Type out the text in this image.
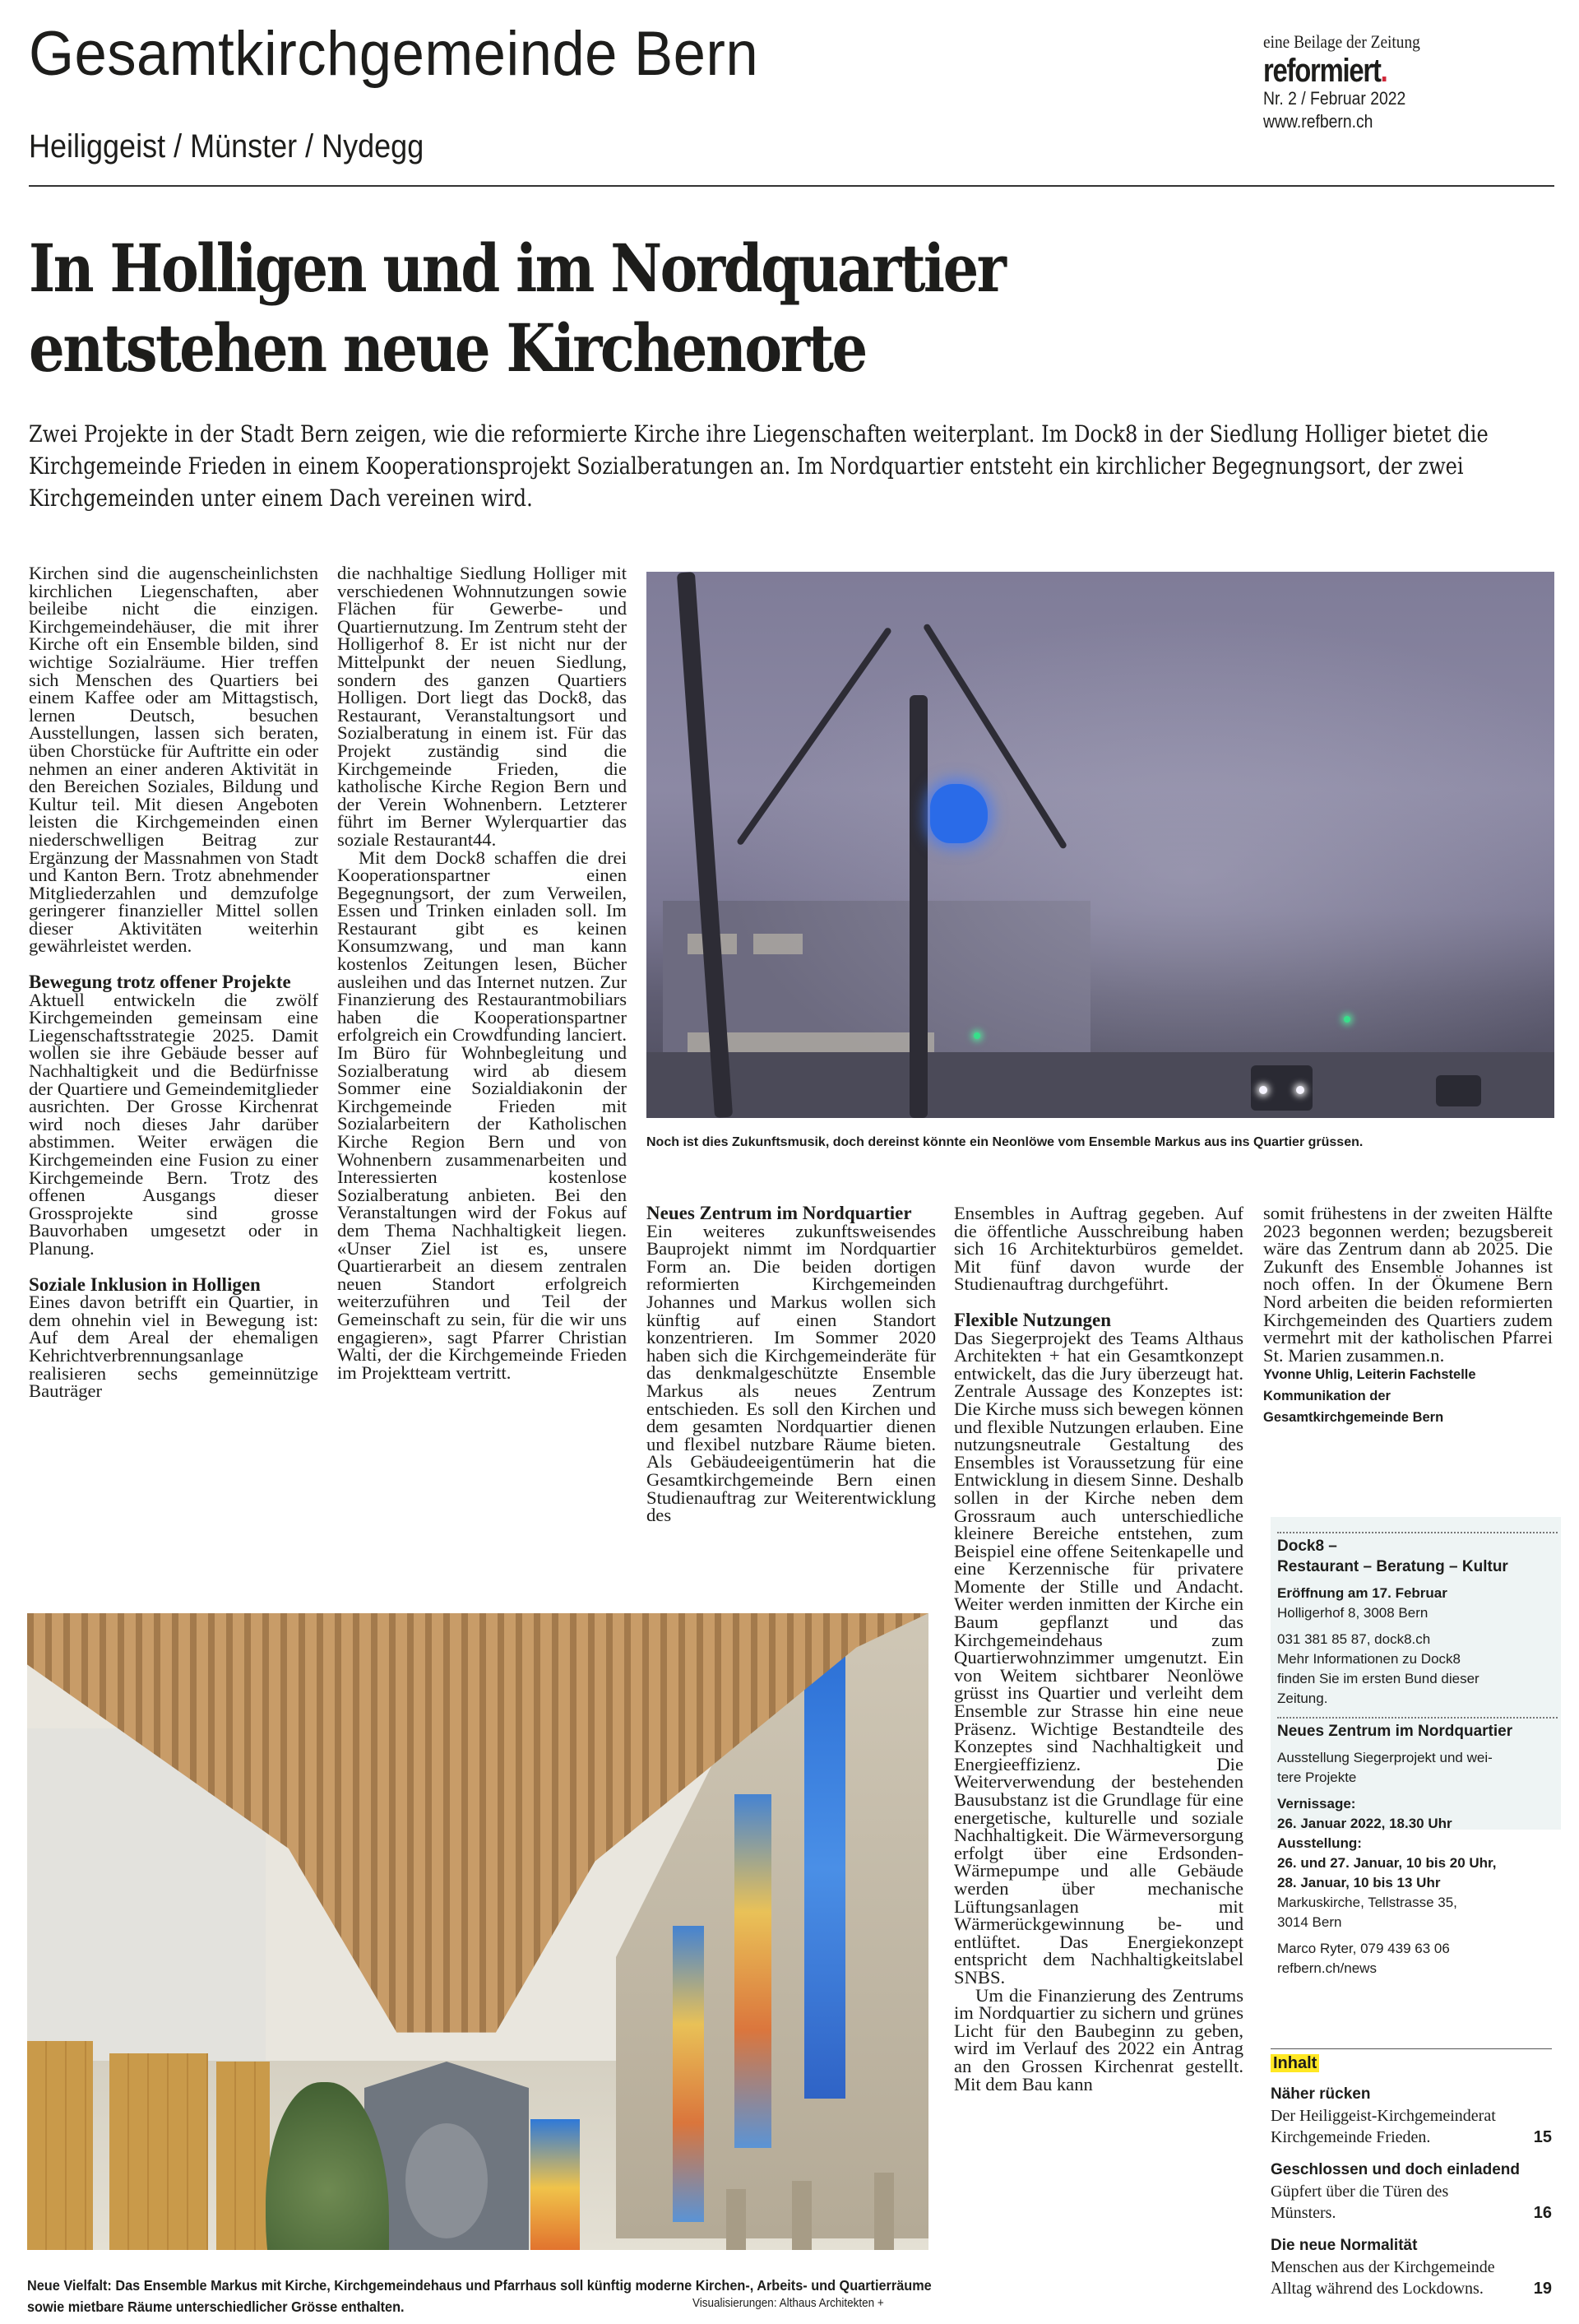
Gesamtkirchgemeinde Bern
Heiliggeist / Münster / Nydegg
eine Beilage der Zeitung
reformiert.
Nr. 2 / Februar 2022
www.refbern.ch
In Holligen und im Nordquartier
entstehen neue Kirchenorte

Zwei Projekte in der Stadt Bern zeigen, wie die reformierte Kirche ihre Liegenschaften weiterplant. Im Dock8 in der Siedlung Holliger bietet die Kirchgemeinde Frieden in einem Kooperationsprojekt Sozialberatungen an. Im Nordquartier entsteht ein kirchlicher Begegnungsort, der zwei Kirchgemeinden unter einem Dach vereinen wird.

Kirchen sind die augenscheinlichsten kirchlichen Liegenschaften, aber beileibe nicht die einzigen. Kirchgemeindehäuser, die mit ihrer Kirche oft ein Ensemble bilden, sind wichtige Sozialräume. Hier treffen sich Menschen des Quartiers bei einem Kaffee oder am Mittagstisch, lernen Deutsch, besuchen Ausstellungen, lassen sich beraten, üben Chorstücke für Auftritte ein oder nehmen an einer anderen Aktivität in den Bereichen Soziales, Bildung und Kultur teil. Mit diesen Angeboten leisten die Kirchgemeinden einen niederschwelligen Beitrag zur Ergänzung der Massnahmen von Stadt und Kanton Bern. Trotz abnehmender Mitgliederzahlen und demzufolge geringerer finanzieller Mittel sollen dieser Aktivitäten weiterhin gewährleistet werden.

Bewegung trotz offener Projekte

Aktuell entwickeln die zwölf Kirchgemeinden gemeinsam eine Liegenschaftsstrategie 2025. Damit wollen sie ihre Gebäude besser auf Nachhaltigkeit und die Bedürfnisse der Quartiere und Gemeindemitglieder ausrichten. Der Grosse Kirchenrat wird noch dieses Jahr darüber abstimmen. Weiter erwägen die Kirchgemeinden eine Fusion zu einer Kirchgemeinde Bern. Trotz des offenen Ausgangs dieser Grossprojekte sind grosse Bauvorhaben umgesetzt oder in Planung.

Soziale Inklusion in Holligen

Eines davon betrifft ein Quartier, in dem ohnehin viel in Bewegung ist: Auf dem Areal der ehemaligen Kehrichtverbrennungsanlage realisieren sechs gemeinnützige Bauträger

die nachhaltige Siedlung Holliger mit verschiedenen Wohnnutzungen sowie Flächen für Gewerbe- und Quartiernutzung. Im Zentrum steht der Holligerhof 8. Er ist nicht nur der Mittelpunkt der neuen Siedlung, sondern des ganzen Quartiers Holligen. Dort liegt das Dock8, das Restaurant, Veranstaltungsort und Sozialberatung in einem ist. Für das Projekt zuständig sind die Kirchgemeinde Frieden, die katholische Kirche Region Bern und der Verein Wohnenbern. Letzterer führt im Berner Wylerquartier das soziale Restaurant44.

Mit dem Dock8 schaffen die drei Kooperationspartner einen Begegnungsort, der zum Verweilen, Essen und Trinken einladen soll. Im Restaurant gibt es keinen Konsumzwang, und man kann kostenlos Zeitungen lesen, Bücher ausleihen und das Internet nutzen. Zur Finanzierung des Restaurantmobiliars haben die Kooperationspartner erfolgreich ein Crowdfunding lanciert. Im Büro für Wohnbegleitung und Sozialberatung wird ab diesem Sommer eine Sozialdiakonin der Kirchgemeinde Frieden mit Sozialarbeitern der Katholischen Kirche Region Bern und von Wohnenbern zusammenarbeiten und Interessierten kostenlose Sozialberatung anbieten. Bei den Veranstaltungen wird der Fokus auf dem Thema Nachhaltigkeit liegen. «Unser Ziel ist es, unsere Quartierarbeit an diesem zentralen neuen Standort erfolgreich weiterzuführen und Teil der Gemeinschaft zu sein, für die wir uns engagieren», sagt Pfarrer Christian Walti, der die Kirchgemeinde Frieden im Projektteam vertritt.

Noch ist dies Zukunftsmusik, doch dereinst könnte ein Neonlöwe vom Ensemble Markus aus ins Quartier grüssen.
Neues Zentrum im Nordquartier

Ein weiteres zukunftsweisendes Bauprojekt nimmt im Nordquartier Form an. Die beiden dortigen reformierten Kirchgemeinden Johannes und Markus wollen sich künftig auf einen Standort konzentrieren. Im Sommer 2020 haben sich die Kirchgemeinderäte für das denkmalgeschützte Ensemble Markus als neues Zentrum entschieden. Es soll den Kirchen und dem gesamten Nordquartier dienen und flexibel nutzbare Räume bieten. Als Gebäudeeigentümerin hat die Gesamtkirchgemeinde Bern einen Studienauftrag zur Weiterentwicklung des

Ensembles in Auftrag gegeben. Auf die öffentliche Ausschreibung haben sich 16 Architekturbüros gemeldet. Mit fünf davon wurde der Studienauftrag durchgeführt.

Flexible Nutzungen

Das Siegerprojekt des Teams Althaus Architekten + hat ein Gesamtkonzept entwickelt, das die Jury überzeugt hat. Zentrale Aussage des Konzeptes ist: Die Kirche muss sich bewegen können und flexible Nutzungen erlauben. Eine nutzungsneutrale Gestaltung des Ensembles ist Voraussetzung für eine Entwicklung in diesem Sinne. Deshalb sollen in der Kirche neben dem Grossraum auch unterschiedliche kleinere Bereiche entstehen, zum Beispiel eine offene Seitenkapelle und eine Kerzennische für privatere Momente der Stille und Andacht. Weiter werden inmitten der Kirche ein Baum gepflanzt und das Kirchgemeindehaus zum Quartierwohnzimmer umgenutzt. Ein von Weitem sichtbarer Neonlöwe grüsst ins Quartier und verleiht dem Ensemble zur Strasse hin eine neue Präsenz. Wichtige Bestandteile des Konzeptes sind Nachhaltigkeit und Energieeffizienz. Die Weiterverwendung der bestehenden Bausubstanz ist die Grundlage für eine energetische, kulturelle und soziale Nachhaltigkeit. Die Wärmeversorgung erfolgt über eine Erdsonden-Wärmepumpe und alle Gebäude werden über mechanische Lüftungsanlagen mit Wärmerückgewinnung be- und entlüftet. Das Energiekonzept entspricht dem Nachhaltigkeitslabel SNBS.

Um die Finanzierung des Zentrums im Nordquartier zu sichern und grünes Licht für den Baubeginn zu geben, wird im Verlauf des 2022 ein Antrag an den Grossen Kirchenrat gestellt. Mit dem Bau kann

somit frühestens in der zweiten Hälfte 2023 begonnen werden; bezugsbereit wäre das Zentrum dann ab 2025. Die Zukunft des Ensemble Johannes ist noch offen. In der Ökumene Bern Nord arbeiten die beiden reformierten Kirchgemeinden des Quartiers zudem vermehrt mit der katholischen Pfarrei St. Marien zusammen.n.

Yvonne Uhlig, Leiterin Fachstelle
Kommunikation der
Gesamtkirchgemeinde Bern
Dock8 –
Restaurant – Beratung – Kultur
Eröffnung am 17. Februar
Holligerhof 8, 3008 Bern
031 381 85 87, dock8.ch
Mehr Informationen zu Dock8
finden Sie im ersten Bund dieser
Zeitung.
Neues Zentrum im Nordquartier
Ausstellung Siegerprojekt und wei-
tere Projekte
Vernissage:
26. Januar 2022, 18.30 Uhr
Ausstellung:
26. und 27. Januar, 10 bis 20 Uhr,
28. Januar, 10 bis 13 Uhr
Markuskirche, Tellstrasse 35,
3014 Bern
Marco Ryter, 079 439 63 06
refbern.ch/news
Inhalt
Näher rücken
Der Heiliggeist-Kirchgemeinderat
Kirchgemeinde Frieden.	15
Geschlossen und doch einladend
Güpfert über die Türen des
Münsters.	16
Die neue Normalität
Menschen aus der Kirchgemeinde
Alltag während des Lockdowns.	19
Neue Vielfalt: Das Ensemble Markus mit Kirche, Kirchgemeindehaus und Pfarrhaus soll künftig moderne Kirchen-, Arbeits- und Quartierräume sowie mietbare Räume unterschiedlicher Grösse enthalten.	Visualisierungen: Althaus Architekten +
